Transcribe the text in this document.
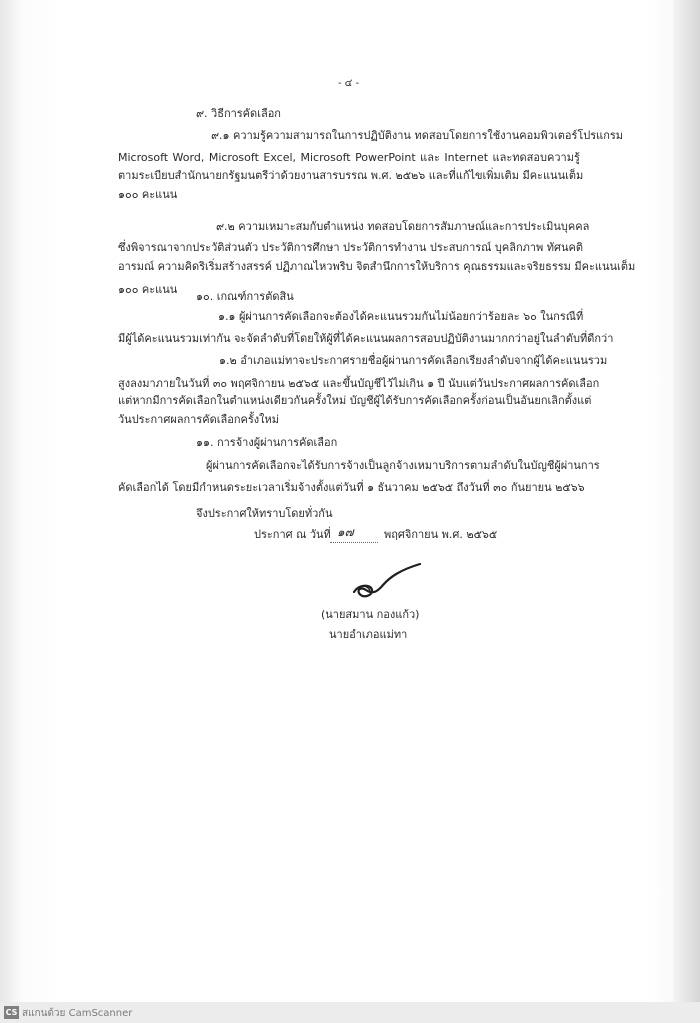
- ๔ -
๙. วิธีการคัดเลือก
๙.๑ ความรู้ความสามารถในการปฏิบัติงาน ทดสอบโดยการใช้งานคอมพิวเตอร์โปรแกรม
Microsoft Word, Microsoft Excel, Microsoft PowerPoint และ Internet และทดสอบความรู้
ตามระเบียบสำนักนายกรัฐมนตรีว่าด้วยงานสารบรรณ พ.ศ. ๒๕๒๖ และที่แก้ไขเพิ่มเติม มีคะแนนเต็ม
๑๐๐ คะแนน
๙.๒ ความเหมาะสมกับตำแหน่ง ทดสอบโดยการสัมภาษณ์และการประเมินบุคคล
ซึ่งพิจารณาจากประวัติส่วนตัว ประวัติการศึกษา ประวัติการทำงาน ประสบการณ์ บุคลิกภาพ ทัศนคติ
อารมณ์ ความคิดริเริ่มสร้างสรรค์ ปฏิภาณไหวพริบ จิตสำนึกการให้บริการ คุณธรรมและจริยธรรม มีคะแนนเต็ม
๑๐๐ คะแนน
๑๐. เกณฑ์การตัดสิน
๑.๑ ผู้ผ่านการคัดเลือกจะต้องได้คะแนนรวมกันไม่น้อยกว่าร้อยละ ๖๐ ในกรณีที่
มีผู้ได้คะแนนรวมเท่ากัน จะจัดลำดับที่โดยให้ผู้ที่ได้คะแนนผลการสอบปฏิบัติงานมากกว่าอยู่ในลำดับที่ดีกว่า
๑.๒ อำเภอแม่ทาจะประกาศรายชื่อผู้ผ่านการคัดเลือกเรียงลำดับจากผู้ได้คะแนนรวม
สูงลงมาภายในวันที่ ๓๐ พฤศจิกายน ๒๕๖๕ และขึ้นบัญชีไว้ไม่เกิน ๑ ปี นับแต่วันประกาศผลการคัดเลือก
แต่หากมีการคัดเลือกในตำแหน่งเดียวกันครั้งใหม่ บัญชีผู้ได้รับการคัดเลือกครั้งก่อนเป็นอันยกเลิกตั้งแต่
วันประกาศผลการคัดเลือกครั้งใหม่
๑๑. การจ้างผู้ผ่านการคัดเลือก
ผู้ผ่านการคัดเลือกจะได้รับการจ้างเป็นลูกจ้างเหมาบริการตามลำดับในบัญชีผู้ผ่านการ
คัดเลือกได้ โดยมีกำหนดระยะเวลาเริ่มจ้างตั้งแต่วันที่ ๑ ธันวาคม ๒๕๖๕ ถึงวันที่ ๓๐ กันยายน ๒๕๖๖
จึงประกาศให้ทราบโดยทั่วกัน
ประกาศ ณ วันที่ ๑๗	พฤศจิกายน พ.ศ. ๒๕๖๕
(นายสมาน กองแก้ว)
นายอำเภอแม่ทา
CS สแกนด้วย CamScanner
